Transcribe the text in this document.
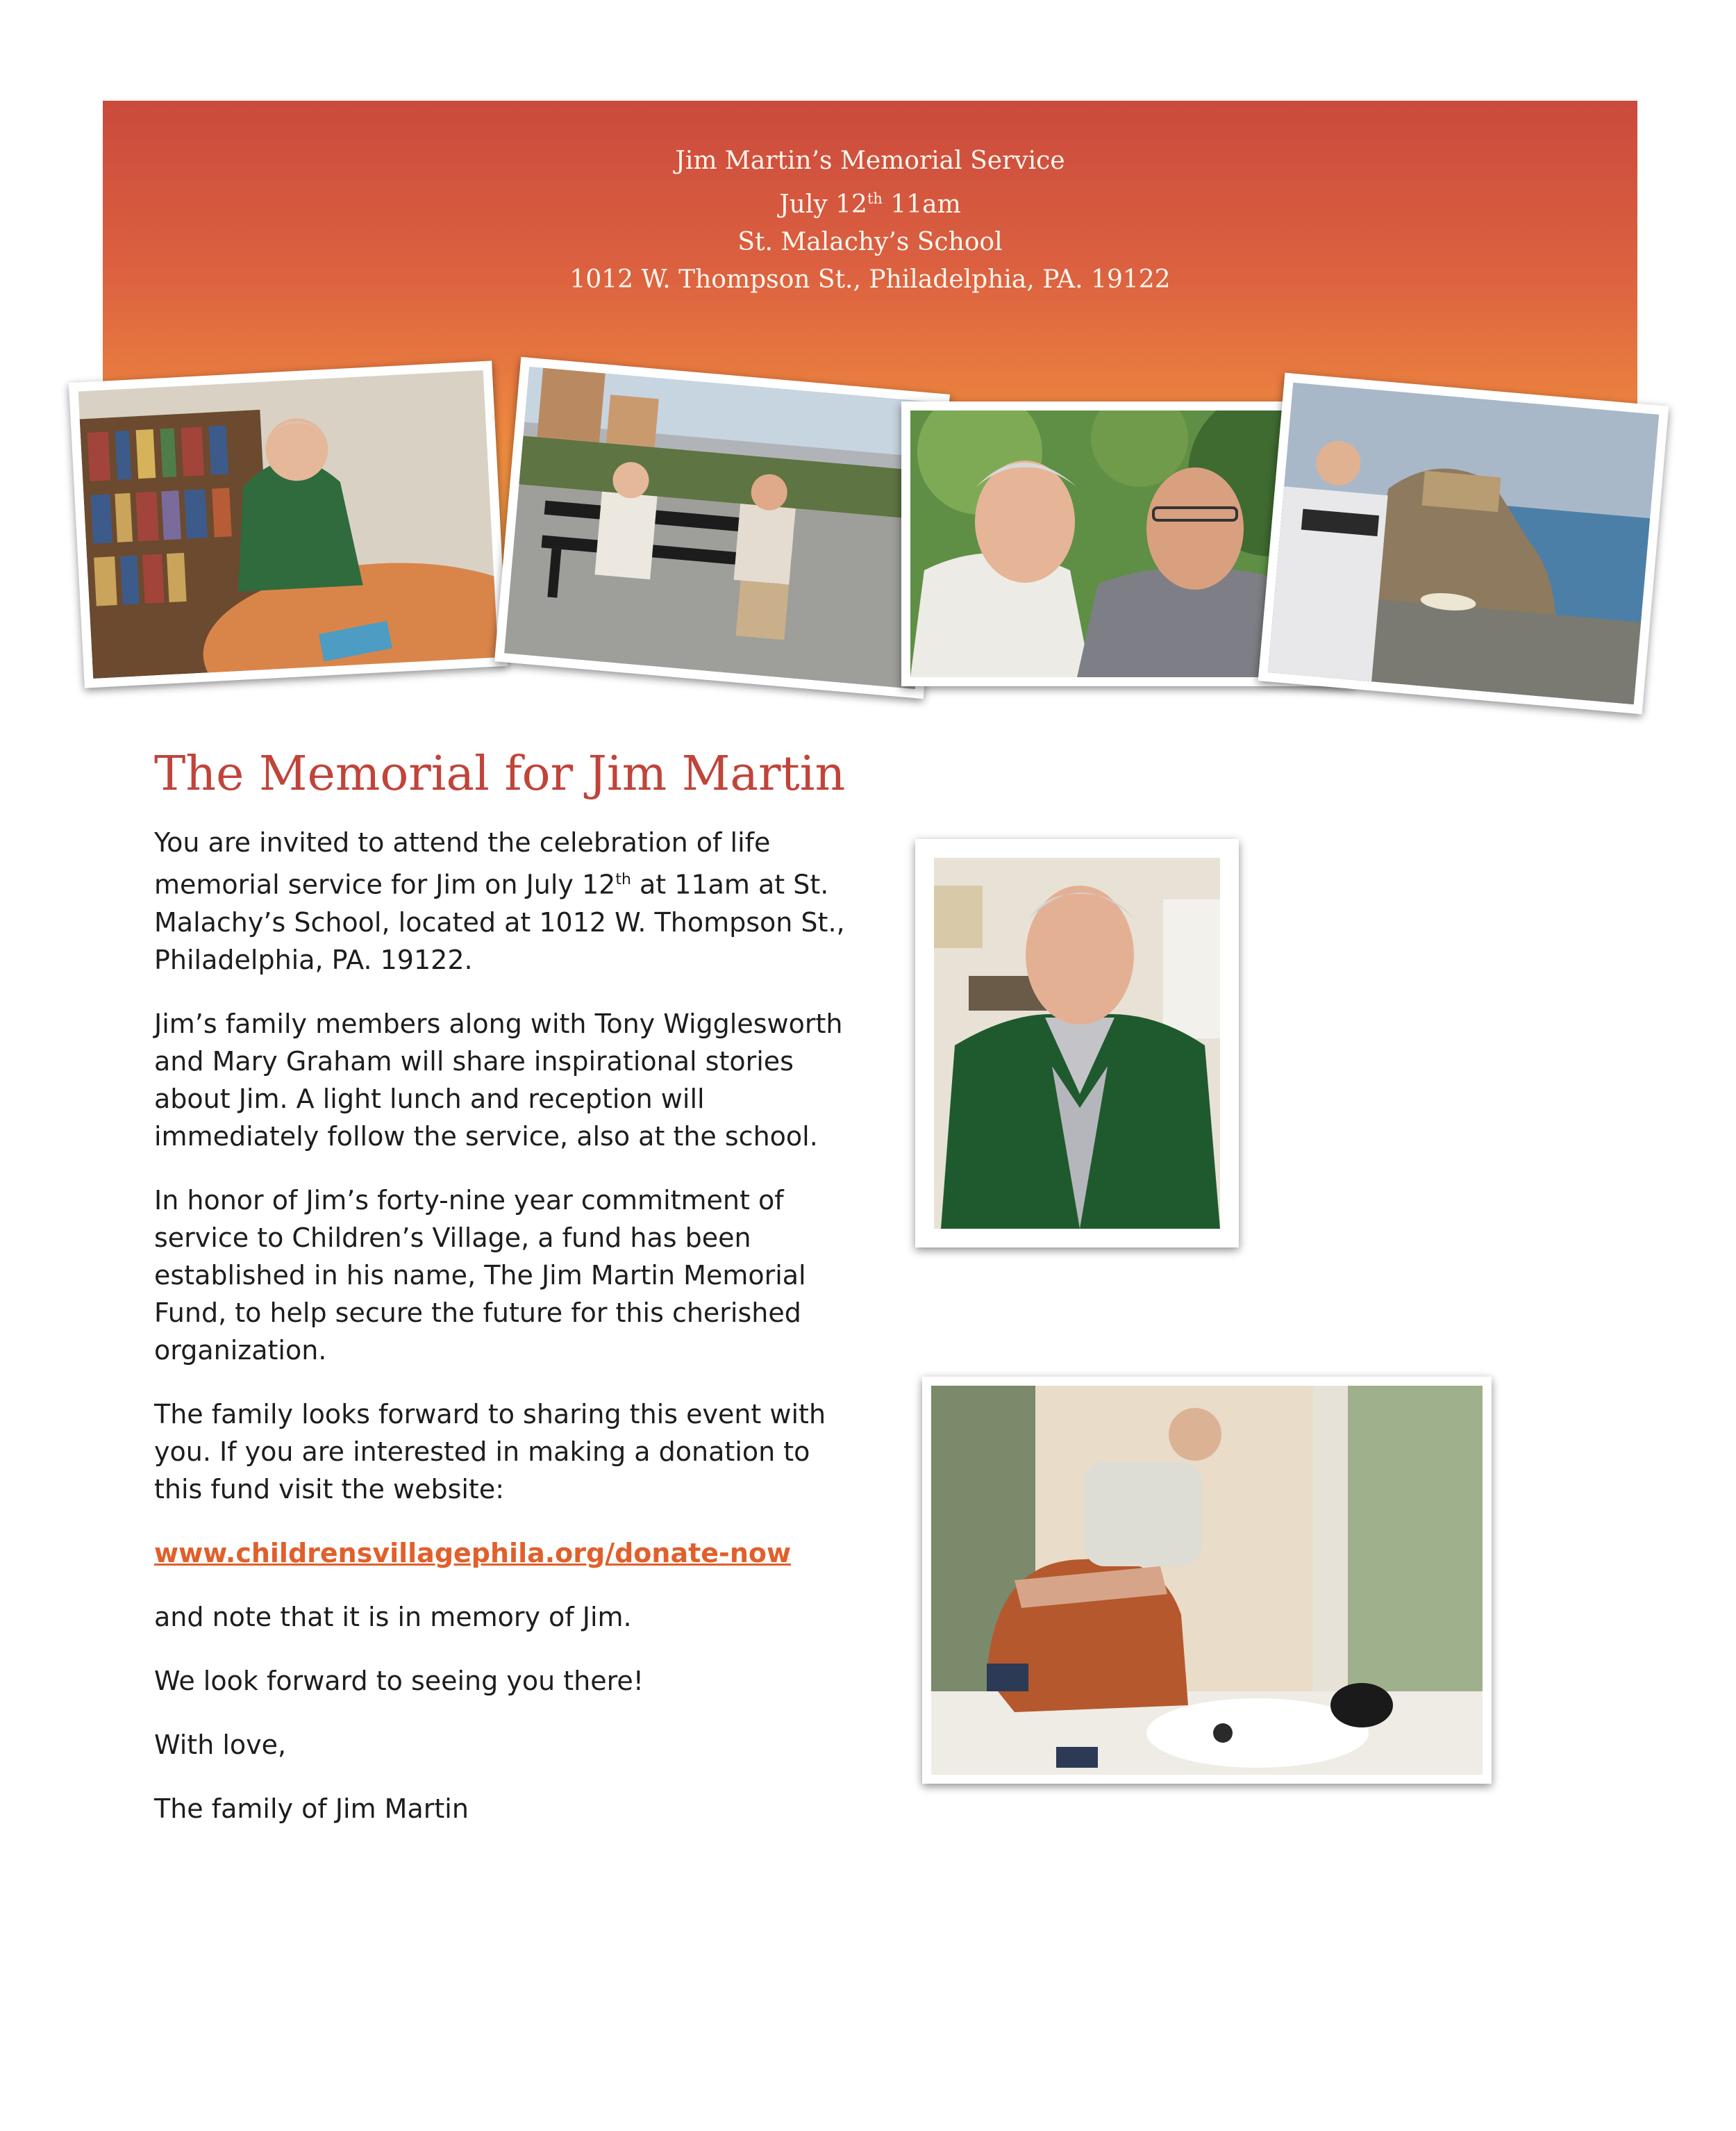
Jim Martin’s Memorial Service
July 12th 11am
St. Malachy’s School
1012 W. Thompson St., Philadelphia, PA. 19122
The Memorial for Jim Martin

You are invited to attend the celebration of life memorial service for Jim on July 12th at 11am at St. Malachy’s School, located at 1012 W. Thompson St., Philadelphia, PA. 19122.

Jim’s family members along with Tony Wigglesworth and Mary Graham will share inspirational stories about Jim. A light lunch and reception will immediately follow the service, also at the school.

In honor of Jim’s forty-nine year commitment of service to Children’s Village, a fund has been established in his name, The Jim Martin Memorial Fund, to help secure the future for this cherished organization.

The family looks forward to sharing this event with you. If you are interested in making a donation to this fund visit the website:

www.childrensvillagephila.org/donate-now

and note that it is in memory of Jim.

We look forward to seeing you there!

With love,

The family of Jim Martin
